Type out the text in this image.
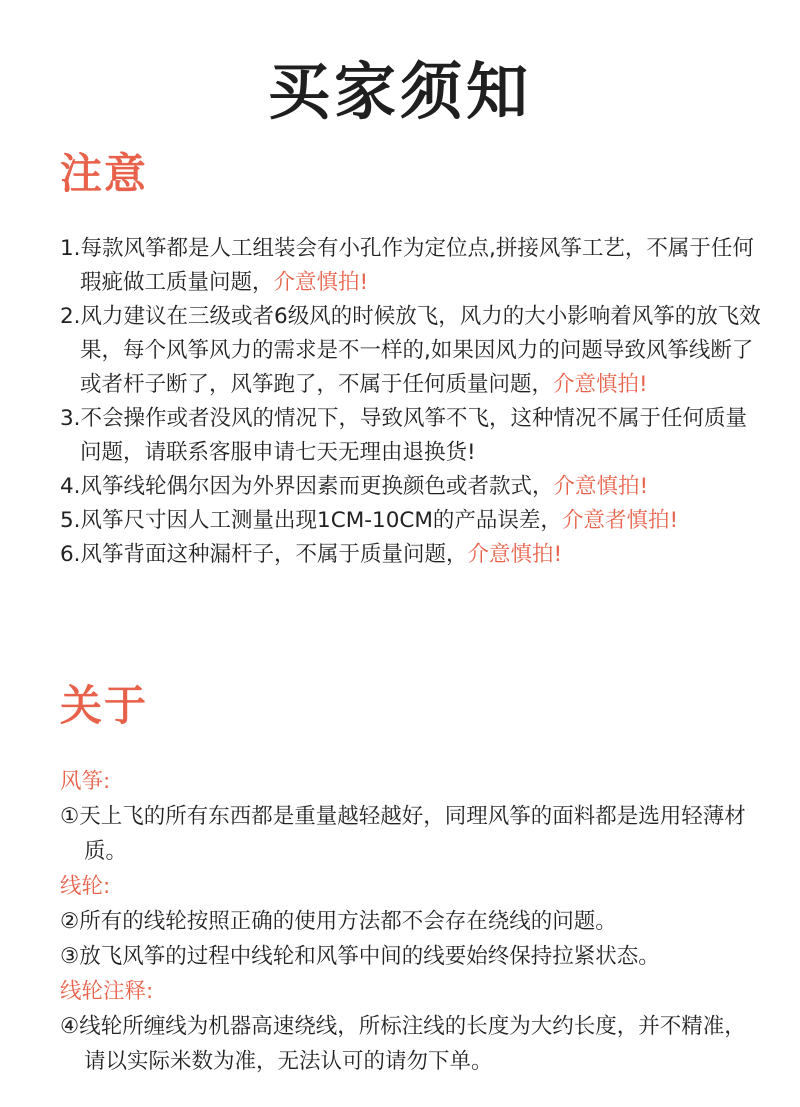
买家须知
注意
1.每款风筝都是人工组装会有小孔作为定位点,拼接风筝工艺，不属于任何瑕疵做工质量问题，介意慎拍!
2.风力建议在三级或者6级风的时候放飞，风力的大小影响着风筝的放飞效果，每个风筝风力的需求是不一样的,如果因风力的问题导致风筝线断了或者杆子断了，风筝跑了，不属于任何质量问题，介意慎拍!
3.不会操作或者没风的情况下，导致风筝不飞，这种情况不属于任何质量问题，请联系客服申请七天无理由退换货!
4.风筝线轮偶尔因为外界因素而更换颜色或者款式，介意慎拍!
5.风筝尺寸因人工测量出现1CM-10CM的产品误差，介意者慎拍!
6.风筝背面这种漏杆子，不属于质量问题，介意慎拍!
关于

风筝:

①天上飞的所有东西都是重量越轻越好，同理风筝的面料都是选用轻薄材质。

线轮:

②所有的线轮按照正确的使用方法都不会存在绕线的问题。

③放飞风筝的过程中线轮和风筝中间的线要始终保持拉紧状态。

线轮注释:

④线轮所缠线为机器高速绕线，所标注线的长度为大约长度，并不精准，请以实际米数为准，无法认可的请勿下单。
